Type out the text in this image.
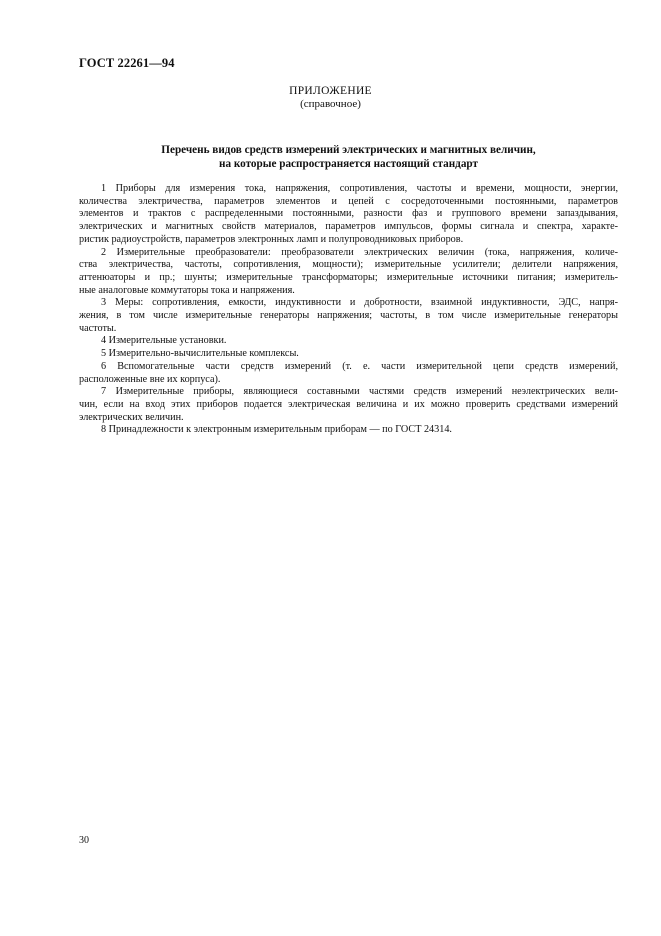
ГОСТ 22261—94
ПРИЛОЖЕНИЕ
(справочное)
Перечень видов средств измерений электрических и магнитных величин,
на которые распространяется настоящий стандарт
1 Приборы для измерения тока, напряжения, сопротивления, частоты и времени, мощности, энергии,
количества электричества, параметров элементов и цепей с сосредоточенными постоянными, параметров
элементов и трактов с распределенными постоянными, разности фаз и группового времени запаздывания,
электрических и магнитных свойств материалов, параметров импульсов, формы сигнала и спектра, характе-
ристик радиоустройств, параметров электронных ламп и полупроводниковых приборов.
2 Измерительные преобразователи: преобразователи электрических величин (тока, напряжения, количе-
ства электричества, частоты, сопротивления, мощности); измерительные усилители; делители напряжения,
аттенюаторы и пр.; шунты; измерительные трансформаторы; измерительные источники питания; измеритель-
ные аналоговые коммутаторы тока и напряжения.
3 Меры: сопротивления, емкости, индуктивности и добротности, взаимной индуктивности, ЭДС, напря-
жения, в том числе измерительные генераторы напряжения; частоты, в том числе измерительные генераторы
частоты.
4 Измерительные установки.
5 Измерительно-вычислительные комплексы.
6 Вспомогательные части средств измерений (т. е. части измерительной цепи средств измерений,
расположенные вне их корпуса).
7 Измерительные приборы, являющиеся составными частями средств измерений неэлектрических вели-
чин, если на вход этих приборов подается электрическая величина и их можно проверить средствами измерений
электрических величин.
8 Принадлежности к электронным измерительным приборам — по ГОСТ 24314.
30
